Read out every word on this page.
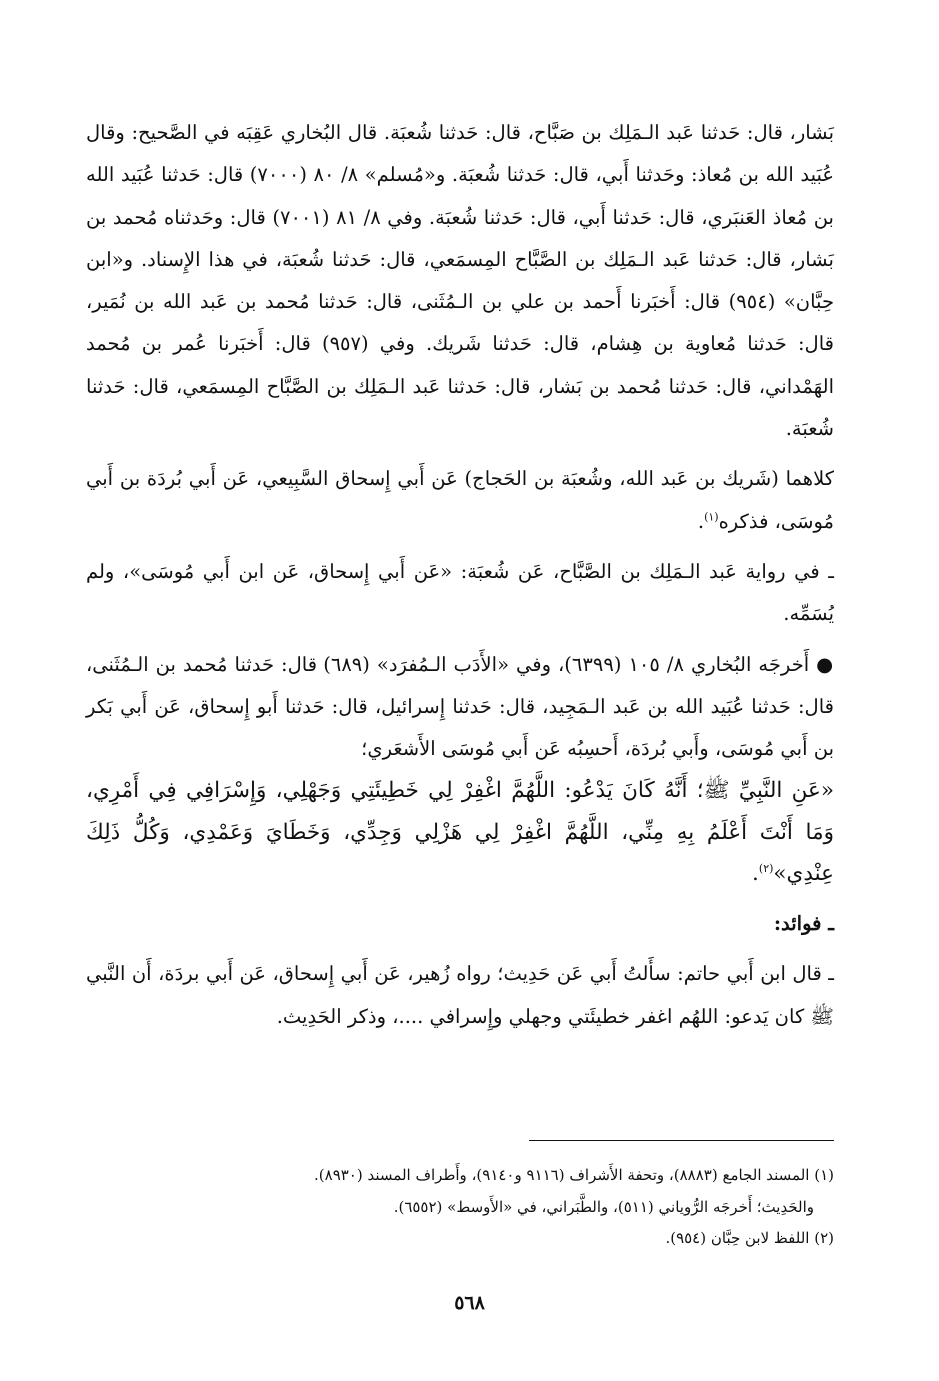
بَشار، قال: حَدثنا عَبد الـمَلِك بن صَبَّاح، قال: حَدثنا شُعبَة. قال البُخاري عَقِبَه في الصَّحيح: وقال عُبَيد الله بن مُعاذ: وحَدثنا أَبي، قال: حَدثنا شُعبَة. و«مُسلم» ٨/ ٨٠ (٧٠٠٠) قال: حَدثنا عُبَيد الله بن مُعاذ العَنبَري، قال: حَدثنا أَبي، قال: حَدثنا شُعبَة. وفي ٨/ ٨١ (٧٠٠١) قال: وحَدثناه مُحمد بن بَشار، قال: حَدثنا عَبد الـمَلِك بن الصَّبَّاح المِسمَعي، قال: حَدثنا شُعبَة، في هذا الإِسناد. و«ابن حِبَّان» (٩٥٤) قال: أَخبَرنا أَحمد بن علي بن الـمُثَنى، قال: حَدثنا مُحمد بن عَبد الله بن نُمَير، قال: حَدثنا مُعاوية بن هِشام، قال: حَدثنا شَريك. وفي (٩٥٧) قال: أَخبَرنا عُمر بن مُحمد الهَمْداني، قال: حَدثنا مُحمد بن بَشار، قال: حَدثنا عَبد الـمَلِك بن الصَّبَّاح المِسمَعي، قال: حَدثنا شُعبَة.

كلاهما (شَريك بن عَبد الله، وشُعبَة بن الحَجاج) عَن أَبي إِسحاق السَّبِيعي، عَن أَبي بُردَة بن أَبي مُوسَى، فذكره$^{(١)}$.

ـ في رواية عَبد الـمَلِك بن الصَّبَّاح، عَن شُعبَة: «عَن أَبي إِسحاق، عَن ابن أَبي مُوسَى»، ولم يُسَمِّه.

● أَخرجَه البُخاري ٨/ ١٠٥ (٦٣٩٩)، وفي «الأَدَب الـمُفرَد» (٦٨٩) قال: حَدثنا مُحمد بن الـمُثَنى، قال: حَدثنا عُبَيد الله بن عَبد الـمَجِيد، قال: حَدثنا إِسرائيل، قال: حَدثنا أَبو إِسحاق، عَن أَبي بَكر بن أَبي مُوسَى، وأَبي بُردَة، أَحسِبُه عَن أَبي مُوسَى الأَشعَري؛

«عَنِ النَّبِيِّ ﷺ؛ أَنَّهُ كَانَ يَدْعُو: اللَّهُمَّ اغْفِرْ لِي خَطِيئَتِي وَجَهْلِي، وَإِسْرَافِي فِي أَمْرِي، وَمَا أَنْتَ أَعْلَمُ بِهِ مِنِّي، اللَّهُمَّ اغْفِرْ لِي هَزْلِي وَجِدِّي، وَخَطَايَ وَعَمْدِي، وَكُلُّ ذَلِكَ عِنْدِي»$^{(٢)}$.

ـ فوائد:

ـ قال ابن أَبي حاتم: سأَلتُ أَبي عَن حَدِيث؛ رواه زُهير، عَن أَبي إِسحاق، عَن أَبي بردَة، أَن النَّبي ﷺ كان يَدعو: اللهُم اغفر خطيئَتي وجهلي وإِسرافي ....، وذكر الحَدِيث.

(١) المسند الجامع (٨٨٨٣)، وتحفة الأَشراف (٩١١٦ و٩١٤٠)، وأَطراف المسند (٨٩٣٠).

والحَدِيث؛ أَخرجَه الرُّوياني (٥١١)، والطَّبَراني، في «الأَوسط» (٦٥٥٢).

(٢) اللفظ لابن حِبَّان (٩٥٤).

٥٦٨
